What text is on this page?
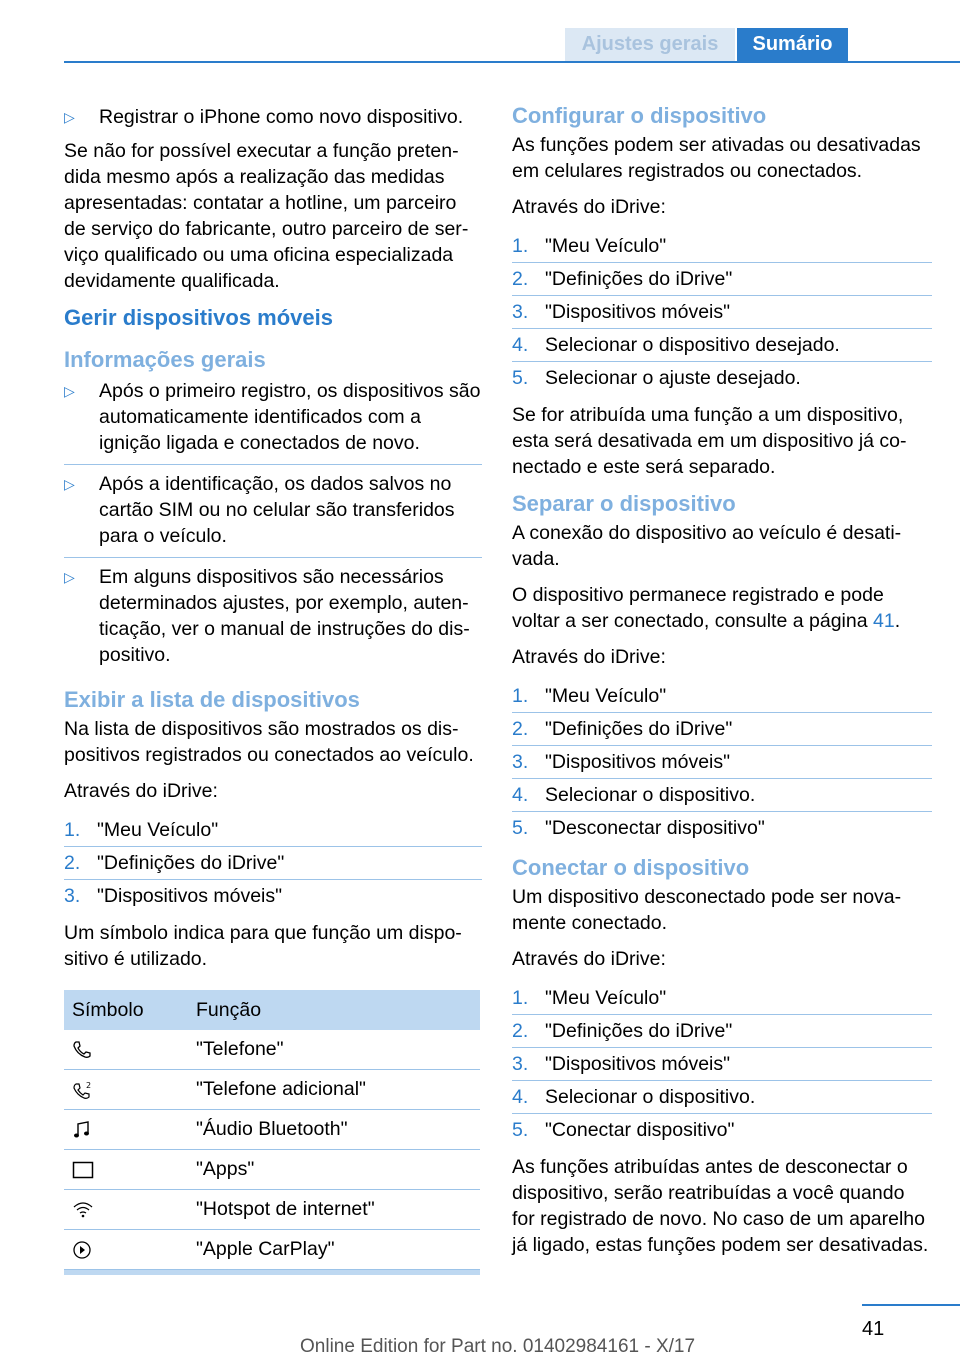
Ajustes gerais	Sumário
▷	Registrar o iPhone como novo dispositivo.

Se não for possível executar a função pretendida mesmo após a realização das medidas apresentadas: contatar a hotline, um parceiro de serviço do fabricante, outro parceiro de serviço qualificado ou uma oficina especializada devidamente qualificada.

Gerir dispositivos móveis
Informações gerais
▷	Após o primeiro registro, os dispositivos são automaticamente identificados com a ignição ligada e conectados de novo.
▷	Após a identificação, os dados salvos no cartão SIM ou no celular são transferidos para o veículo.
▷	Em alguns dispositivos são necessários determinados ajustes, por exemplo, autenticação, ver o manual de instruções do dispositivo.
Exibir a lista de dispositivos

Na lista de dispositivos são mostrados os dispositivos registrados ou conectados ao veículo.

Através do iDrive:

1. "Meu Veículo"
2. "Definições do iDrive"
3. "Dispositivos móveis"

Um símbolo indica para que função um dispositivo é utilizado.

Símbolo	Função

	"Telefone"

2	"Telefone adicional"

	"Áudio Bluetooth"

	"Apps"

	"Hotspot de internet"

	"Apple CarPlay"
Configurar o dispositivo

As funções podem ser ativadas ou desativadas em celulares registrados ou conectados.

Através do iDrive:

1. "Meu Veículo"
2. "Definições do iDrive"
3. "Dispositivos móveis"
4. Selecionar o dispositivo desejado.
5. Selecionar o ajuste desejado.

Se for atribuída uma função a um dispositivo, esta será desativada em um dispositivo já conectado e este será separado.

Separar o dispositivo

A conexão do dispositivo ao veículo é desativada.

O dispositivo permanece registrado e pode voltar a ser conectado, consulte a página 41.

Através do iDrive:

1. "Meu Veículo"
2. "Definições do iDrive"
3. "Dispositivos móveis"
4. Selecionar o dispositivo.
5. "Desconectar dispositivo"
Conectar o dispositivo

Um dispositivo desconectado pode ser novamente conectado.

Através do iDrive:

1. "Meu Veículo"
2. "Definições do iDrive"
3. "Dispositivos móveis"
4. Selecionar o dispositivo.
5. "Conectar dispositivo"

As funções atribuídas antes de desconectar o dispositivo, serão reatribuídas a você quando for registrado de novo. No caso de um aparelho já ligado, estas funções podem ser desativadas.

41
Online Edition for Part no. 01402984161 - X/17
